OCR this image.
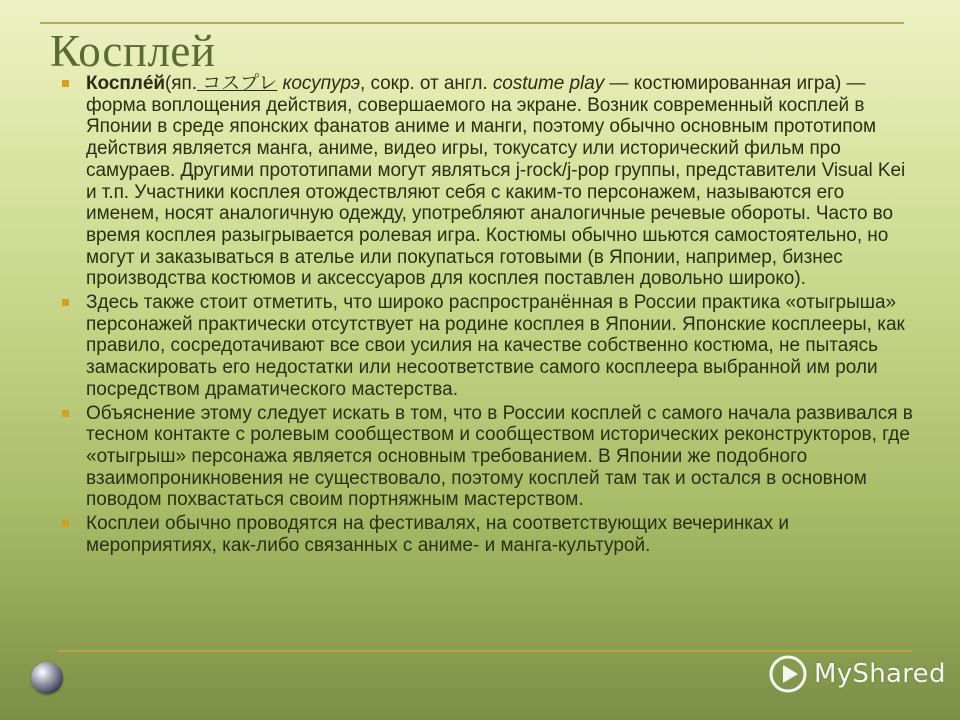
Косплей
Косплéй(яп. コスプレ косупурэ, сокр. от англ. costume play — костюмированная игра) — форма воплощения действия, совершаемого на экране. Возник современный косплей в Японии в среде японских фанатов аниме и манги, поэтому обычно основным прототипом действия является манга, аниме, видео игры, токусатсу или исторический фильм про самураев. Другими прототипами могут являться j-rock/j-pop группы, представители Visual Kei и т.п. Участники косплея отождествляют себя с каким-то персонажем, называются его именем, носят аналогичную одежду, употребляют аналогичные речевые обороты. Часто во время косплея разыгрывается ролевая игра. Костюмы обычно шьются самостоятельно, но могут и заказываться в ателье или покупаться готовыми (в Японии, например, бизнес производства костюмов и аксессуаров для косплея поставлен довольно широко).
Здесь также стоит отметить, что широко распространённая в России практика «отыгрыша» персонажей практически отсутствует на родине косплея в Японии. Японские косплееры, как правило, сосредотачивают все свои усилия на качестве собственно костюма, не пытаясь замаскировать его недостатки или несоответствие самого косплеера выбранной им роли посредством драматического мастерства.
Объяснение этому следует искать в том, что в России косплей с самого начала развивался в тесном контакте с ролевым сообществом и сообществом исторических реконструкторов, где «отыгрыш» персонажа является основным требованием. В Японии же подобного взаимопроникновения не существовало, поэтому косплей там так и остался в основном поводом похвастаться своим портняжным мастерством.
Косплеи обычно проводятся на фестивалях, на соответствующих вечеринках и мероприятиях, как-либо связанных с аниме- и манга-культурой.
MyShared
